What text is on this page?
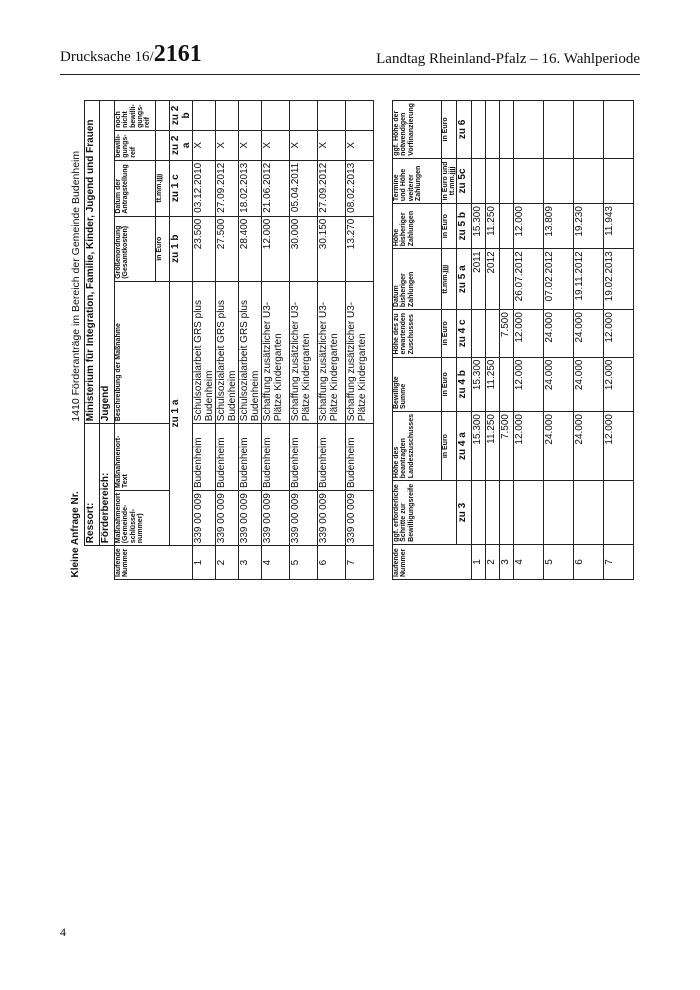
Drucksache 16/2161	Landtag Rheinland-Pfalz – 16. Wahlperiode
Kleine Anfrage Nr.			1410 Förderanträge im Bereich der Gemeinde Budenheim				
	Ressort:		Ministerium für Integration, Familie, Kinder, Jugend und Frauen				
	Förderbereich:		Jugend				
laufende Nummer	Maßnahmenort (Gemeinde-schlüssel-nummer)	Maßnahmenort-Text	Beschreibung der Maßnahme	Größenordnung (Gesamtkosten)	Datum der Antragstellung	bewilli-gungs-reif	noch nicht bewilli-gungs-reif
				in Euro	tt.mm.jjjj		
	zu 1 a			zu 1 b	zu 1 c	zu 2 a	zu 2 b
1	339 00 009	Budenheim	Schulsozialarbeit GRS plus Budenheim	23.500	03.12.2010	X	
2	339 00 009	Budenheim	Schulsozialarbeit GRS plus Budenheim	27.500	27.09.2012	X	
3	339 00 009	Budenheim	Schulsozialarbeit GRS plus Budenheim	28.400	18.02.2013	X	
4	339 00 009	Budenheim	Schaffung zusätzlicher U3-Plätze Kindergarten	12.000	21.06.2012	X	
5	339 00 009	Budenheim	Schaffung zusätzlicher U3-Plätze Kindergarten	30.000	05.04.2011	X	
6	339 00 009	Budenheim	Schaffung zusätzlicher U3-Plätze Kindergarten	30.150	27.09.2012	X	
7	339 00 009	Budenheim	Schaffung zusätzlicher U3-Plätze Kindergarten	13.270	08.02.2013	X	
laufende Nummer	ggf. erforderliche Schritte zur Bewilligungsreife	Höhe des beantragten Landeszuschusses	Bewilligte Summe	Höhe des zu erwartenden Zuschusses	Datum bisheriger Zahlungen	Höhe bisheriger Zahlungen	Termine und Höhe weiterer Zahlungen	ggf. Höhe der notwendigen Vorfinanzierung
		in Euro	in Euro	in Euro	tt.mm.jjjj	in Euro	in Euro und tt.mm.jjjj	in Euro
	zu 3	zu 4 a	zu 4 b	zu 4 c	zu 5 a	zu 5 b	zu 5c	zu 6
1		15.300	15.300		2011	15.300		
2		11.250	11.250		2012	11.250		
3		7.500		7.500				
4		12.000	12.000	12.000	26.07.2012	12.000		
5		24.000	24.000	24.000	07.02.2012	13.809		
6		24.000	24.000	24.000	19.11.2012	19.230		
7		12.000	12.000	12.000	19.02.2013	11.943		
4
